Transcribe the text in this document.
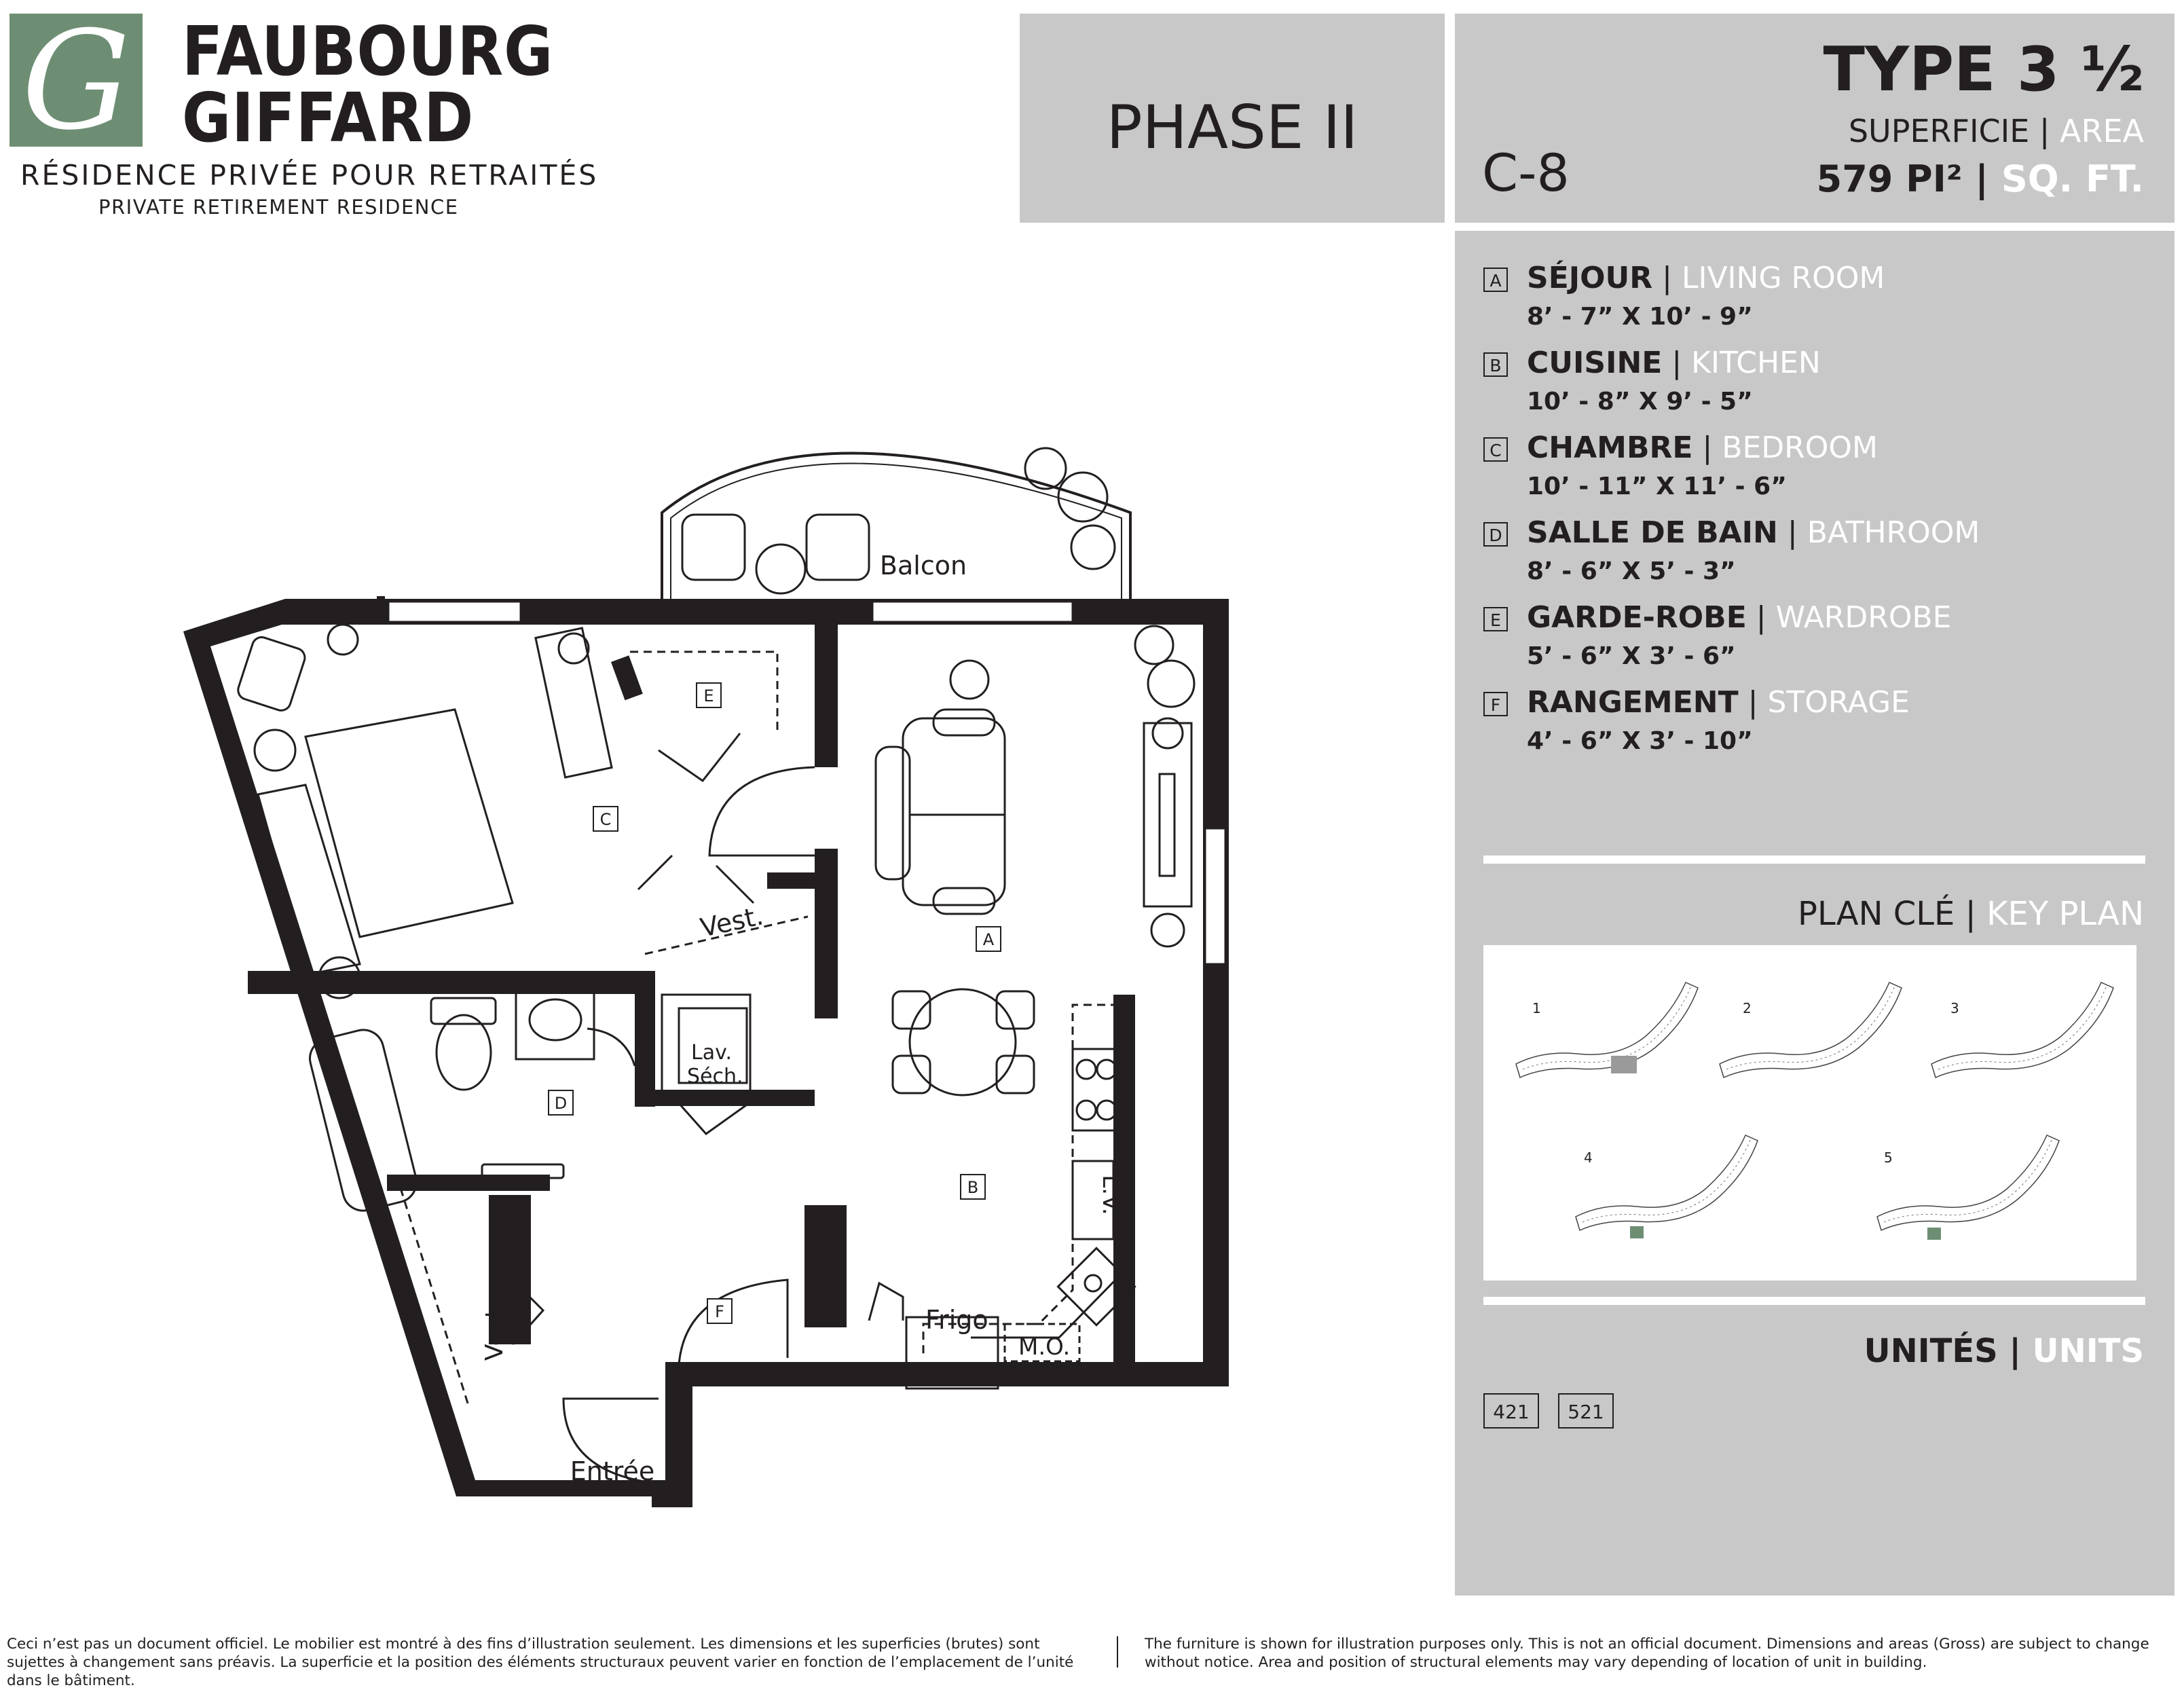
G FAUBOURG
GIFFARD
RÉSIDENCE PRIVÉE POUR RETRAITÉS
PRIVATE RETIREMENT RESIDENCE
PHASE II
C-8
TYPE 3 ½
SUPERFICIE | AREA
579 PI² | SQ. FT.
A SÉJOUR | LIVING ROOM
8’ - 7” X 10’ - 9”
B CUISINE | KITCHEN
10’ - 8” X 9’ - 5”
C CHAMBRE | BEDROOM
10’ - 11” X 11’ - 6”
D SALLE DE BAIN | BATHROOM
8’ - 6” X 5’ - 3”
E GARDE-ROBE | WARDROBE
5’ - 6” X 3’ - 6”
F RANGEMENT | STORAGE
4’ - 6” X 3’ - 10”
PLAN CLÉ | KEY PLAN
1	2	3
4	5
UNITÉS | UNITS
421	521
A
B
C
D
E
F
Balcon
Vest.
Lav.
Séch.
Frigo
M.O.
L.V.
Vest.
Entrée
Ceci n’est pas un document officiel. Le mobilier est montré à des fins d’illustration seulement. Les dimensions et les superficies (brutes) sont sujettes à changement sans préavis. La superficie et la position des éléments structuraux peuvent varier en fonction de l’emplacement de l’unité dans le bâtiment.
The furniture is shown for illustration purposes only. This is not an official document. Dimensions and areas (Gross) are subject to change without notice. Area and position of structural elements may vary depending of location of unit in building.
